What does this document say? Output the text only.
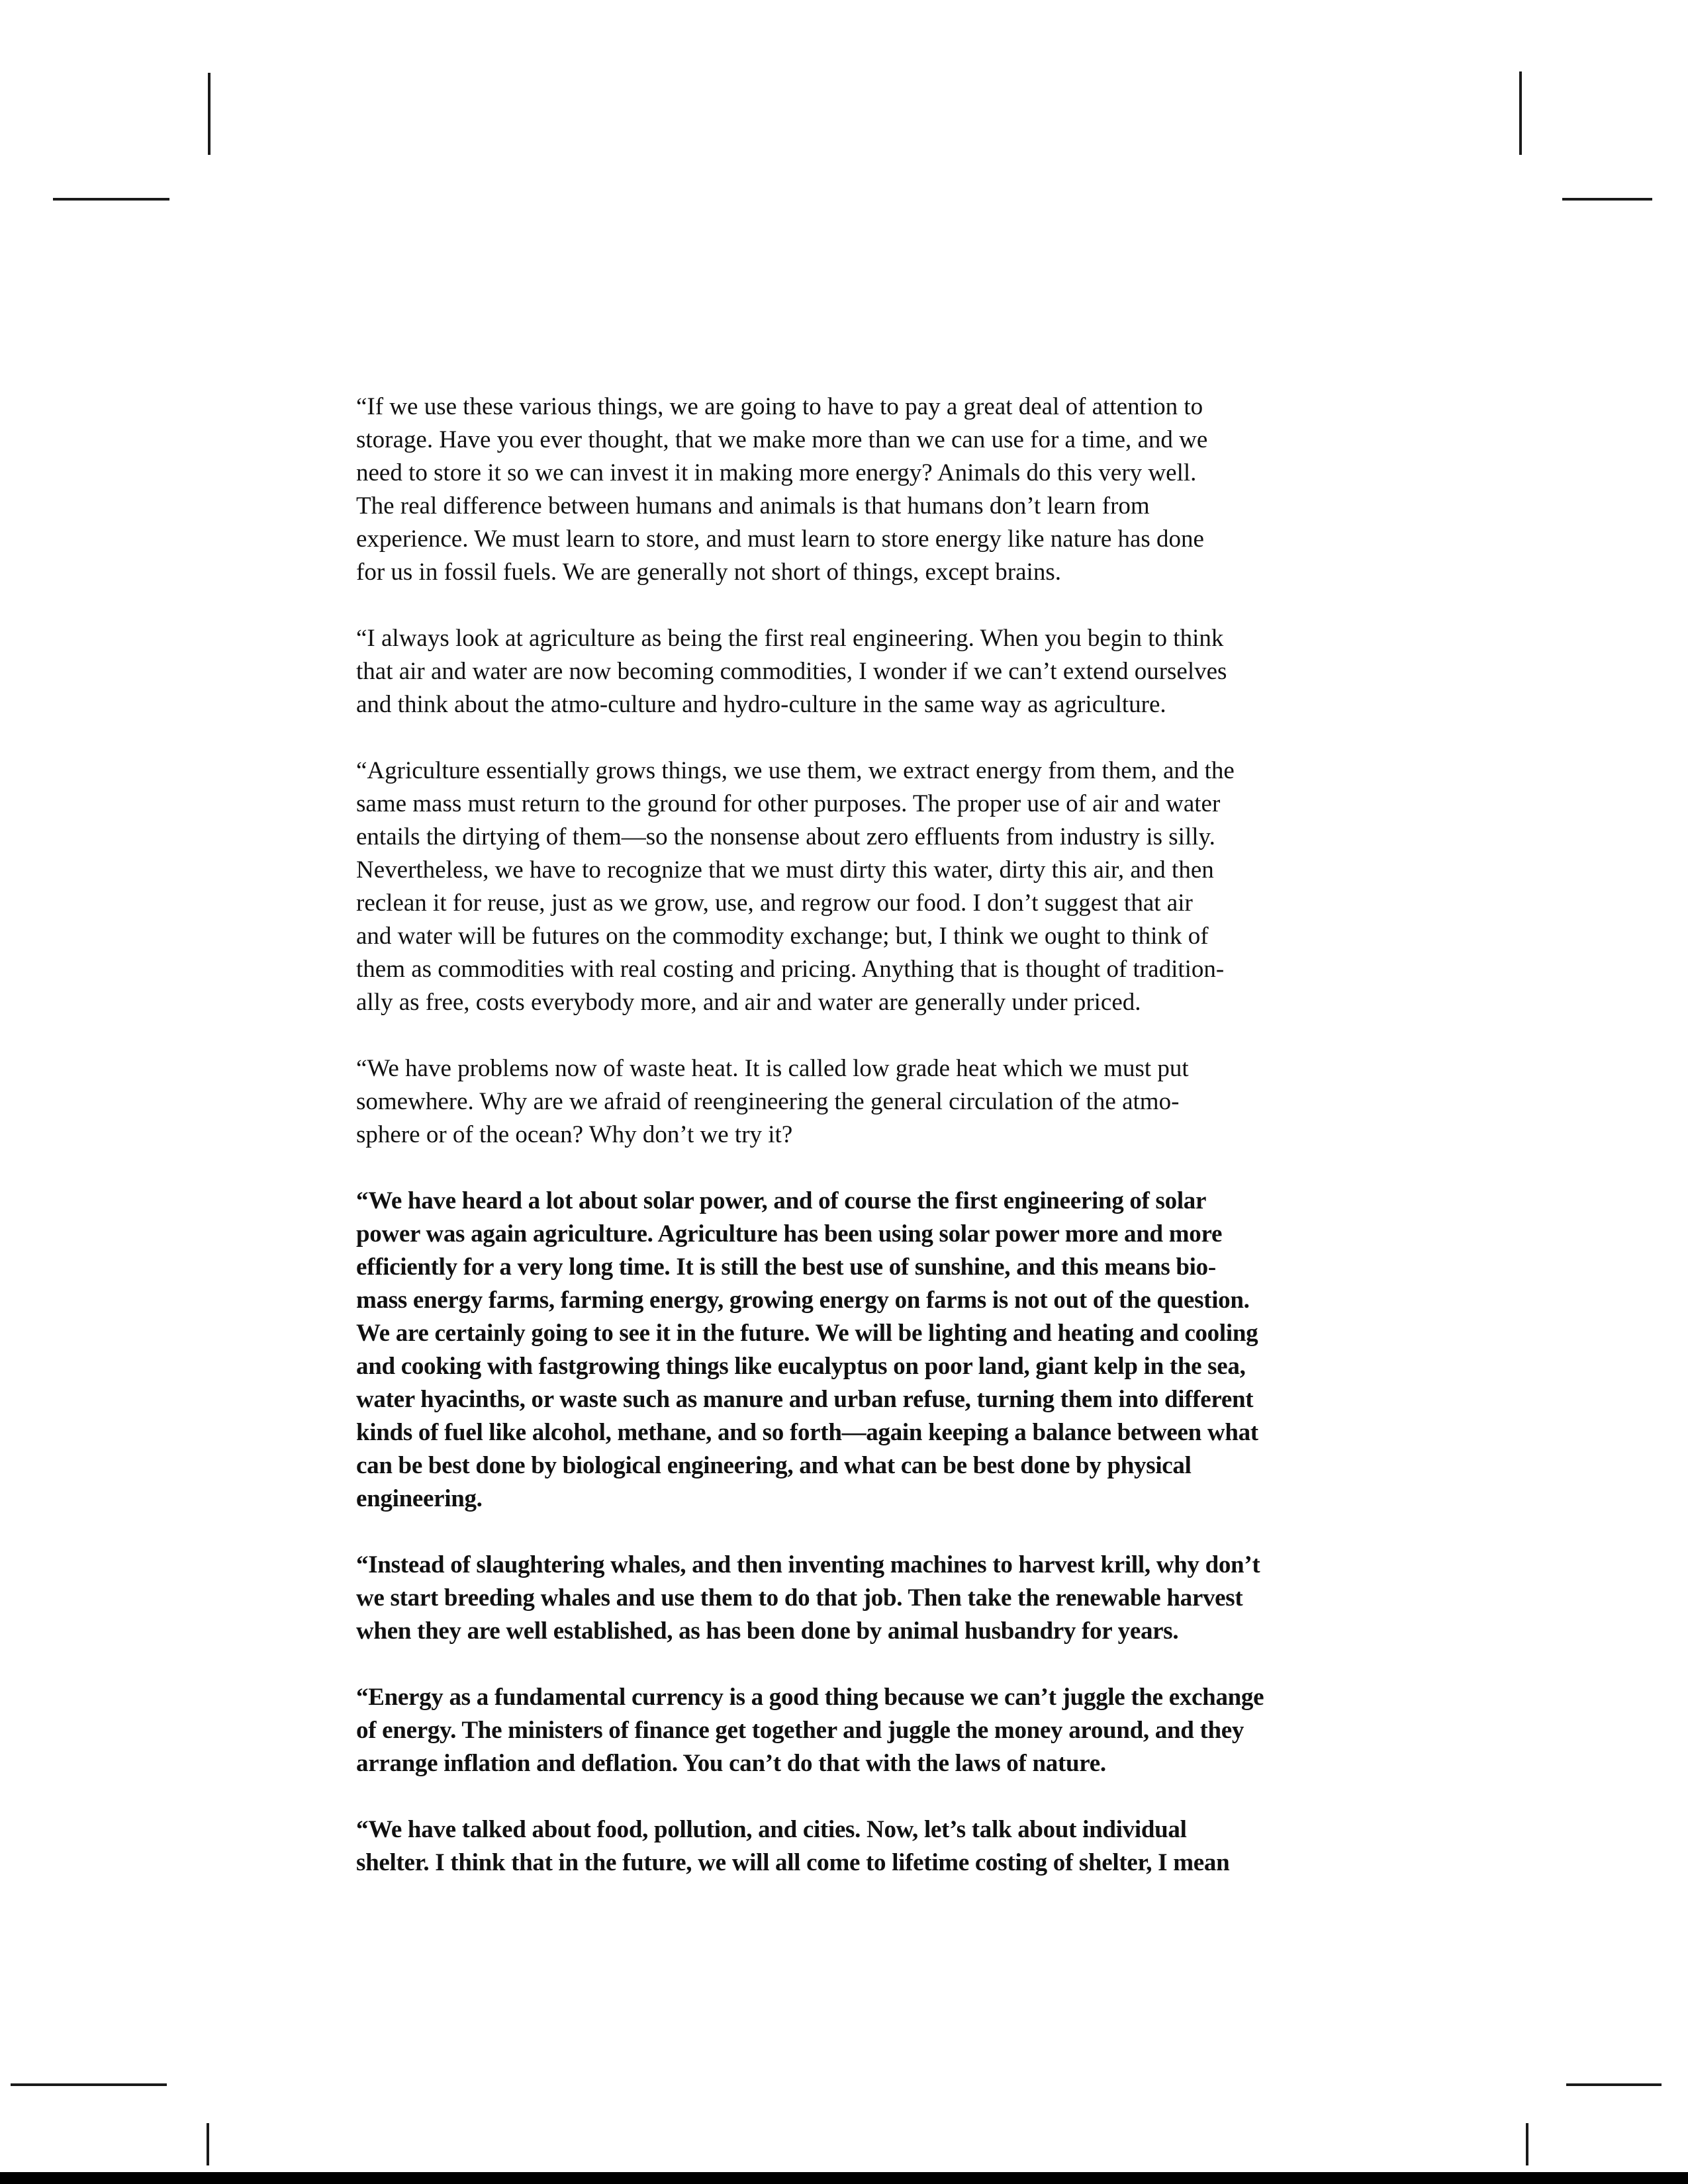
“If we use these various things, we are going to have to pay a great deal of attention to
storage. Have you ever thought, that we make more than we can use for a time, and we
need to store it so we can invest it in making more energy? Animals do this very well.
The real difference between humans and animals is that humans don’t learn from
experience. We must learn to store, and must learn to store energy like nature has done
for us in fossil fuels. We are generally not short of things, except brains.

“I always look at agriculture as being the first real engineering. When you begin to think
that air and water are now becoming commodities, I wonder if we can’t extend ourselves
and think about the atmo-culture and hydro-culture in the same way as agriculture.

“Agriculture essentially grows things, we use them, we extract energy from them, and the
same mass must return to the ground for other purposes. The proper use of air and water
entails the dirtying of them—so the nonsense about zero effluents from industry is silly.
Nevertheless, we have to recognize that we must dirty this water, dirty this air, and then
reclean it for reuse, just as we grow, use, and regrow our food. I don’t suggest that air
and water will be futures on the commodity exchange; but, I think we ought to think of
them as commodities with real costing and pricing. Anything that is thought of tradition-
ally as free, costs everybody more, and air and water are generally under priced.

“We have problems now of waste heat. It is called low grade heat which we must put
somewhere. Why are we afraid of reengineering the general circulation of the atmo-
sphere or of the ocean? Why don’t we try it?

“We have heard a lot about solar power, and of course the first engineering of solar
power was again agriculture. Agriculture has been using solar power more and more
efficiently for a very long time. It is still the best use of sunshine, and this means bio-
mass energy farms, farming energy, growing energy on farms is not out of the question.
We are certainly going to see it in the future. We will be lighting and heating and cooling
and cooking with fastgrowing things like eucalyptus on poor land, giant kelp in the sea,
water hyacinths, or waste such as manure and urban refuse, turning them into different
kinds of fuel like alcohol, methane, and so forth—again keeping a balance between what
can be best done by biological engineering, and what can be best done by physical
engineering.

“Instead of slaughtering whales, and then inventing machines to harvest krill, why don’t
we start breeding whales and use them to do that job. Then take the renewable harvest
when they are well established, as has been done by animal husbandry for years.

“Energy as a fundamental currency is a good thing because we can’t juggle the exchange
of energy. The ministers of finance get together and juggle the money around, and they
arrange inflation and deflation. You can’t do that with the laws of nature.

“We have talked about food, pollution, and cities. Now, let’s talk about individual
shelter. I think that in the future, we will all come to lifetime costing of shelter, I mean
